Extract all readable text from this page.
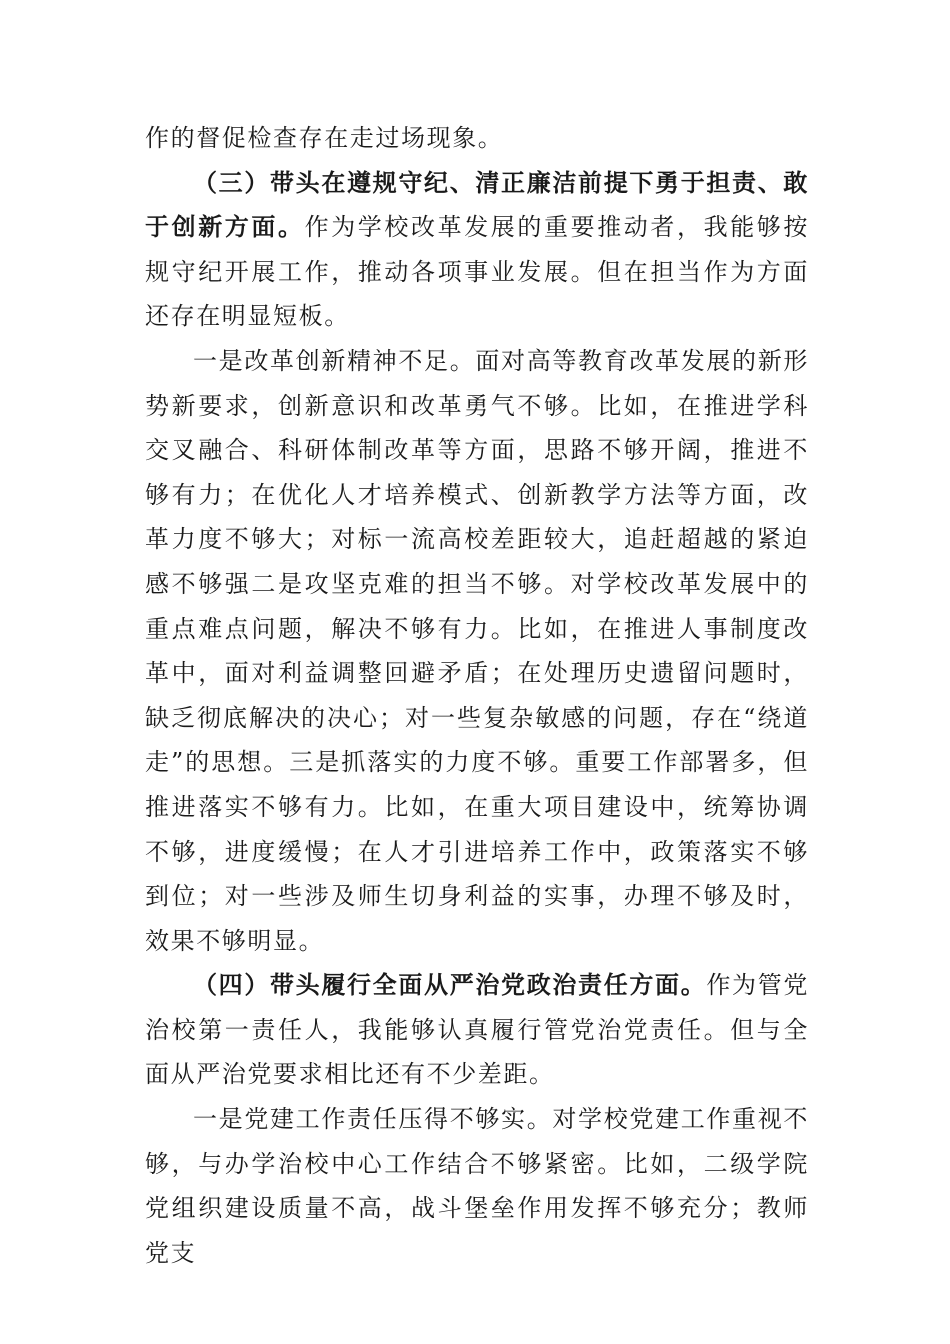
作的督促检查存在走过场现象。

（三）带头在遵规守纪、清正廉洁前提下勇于担责、敢于创新方面。作为学校改革发展的重要推动者，我能够按规守纪开展工作，推动各项事业发展。但在担当作为方面还存在明显短板。

一是改革创新精神不足。面对高等教育改革发展的新形势新要求，创新意识和改革勇气不够。比如，在推进学科交叉融合、科研体制改革等方面，思路不够开阔，推进不够有力；在优化人才培养模式、创新教学方法等方面，改革力度不够大；对标一流高校差距较大，追赶超越的紧迫感不够强二是攻坚克难的担当不够。对学校改革发展中的重点难点问题，解决不够有力。比如，在推进人事制度改革中，面对利益调整回避矛盾；在处理历史遗留问题时，缺乏彻底解决的决心；对一些复杂敏感的问题，存在“绕道走”的思想。三是抓落实的力度不够。重要工作部署多，但推进落实不够有力。比如，在重大项目建设中，统筹协调不够，进度缓慢；在人才引进培养工作中，政策落实不够到位；对一些涉及师生切身利益的实事，办理不够及时，效果不够明显。

（四）带头履行全面从严治党政治责任方面。作为管党治校第一责任人，我能够认真履行管党治党责任。但与全面从严治党要求相比还有不少差距。

一是党建工作责任压得不够实。对学校党建工作重视不够，与办学治校中心工作结合不够紧密。比如，二级学院党组织建设质量不高，战斗堡垒作用发挥不够充分；教师党支
